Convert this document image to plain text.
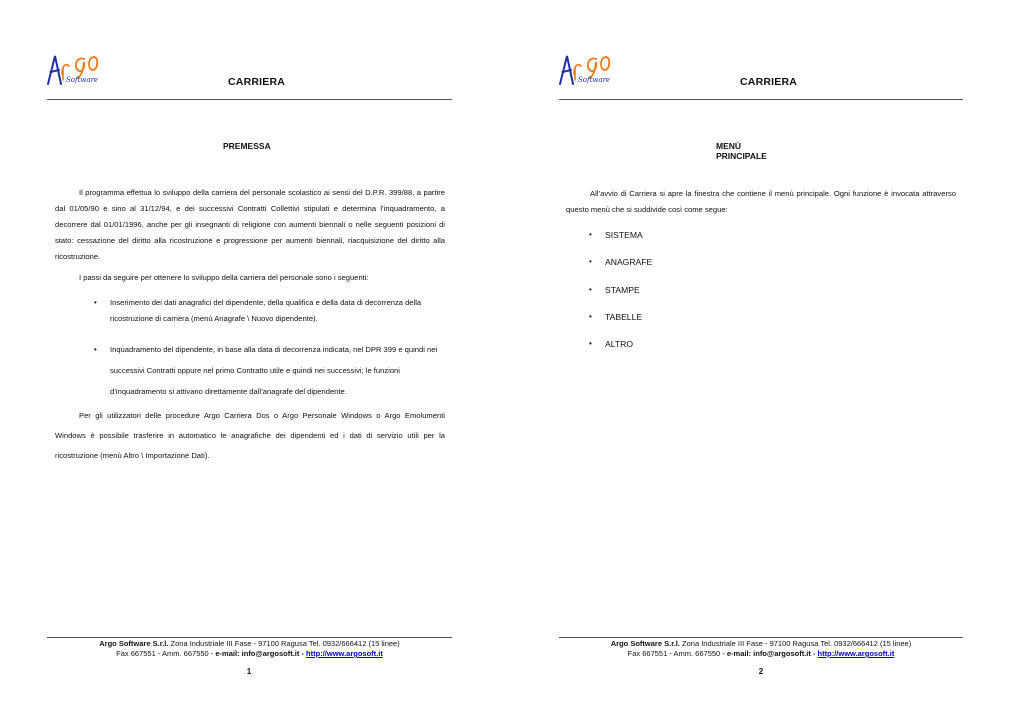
Software	CARRIERA
PREMESSA

Il programma effettua lo sviluppo della carriera del personale scolastico ai sensi del D.P.R. 399/88, a partire dal 01/05/90 e sino al 31/12/94, e dei successivi Contratti Collettivi stipulati e determina l’inquadramento, a decorrere dal 01/01/1996, anche per gli insegnanti di religione con aumenti biennali o nelle seguenti posizioni di stato: cessazione del diritto alla ricostruzione e progressione per aumenti biennali, riacquisizione del diritto alla ricostruzione.

I passi da seguire per ottenere lo sviluppo della carriera del personale sono i seguenti:

• Inserimento dei dati anagrafici del dipendente, della qualifica e della data di decorrenza della ricostruzione di carriera (menù Anagrafe \ Nuovo dipendente).
• Inquadramento del dipendente, in base alla data di decorrenza indicata, nel DPR 399 e quindi nei successivi Contratti oppure nel primo Contratto utile e quindi nei successivi; le funzioni d’inquadramento si attivano direttamente dall’anagrafe del dipendente.

Per gli utilizzatori delle procedure Argo Carriera Dos o Argo Personale Windows o Argo Emolumenti Windows è possibile trasferire in automatico le anagrafiche dei dipendenti ed i dati di servizio utili per la ricostruzione (menù Altro \ Importazione Dati).

Argo Software S.r.l. Zona Industriale III Fase - 97100 Ragusa Tel. 0932/666412 (15 linee)
Fax 667551 - Amm. 667550 - e-mail: info@argosoft.it - http://www.argosoft.it
1
Software	CARRIERA
MENÙ PRINCIPALE

All’avvio di Carriera si apre la finestra che contiene il menù principale. Ogni funzione è invocata attraverso questo menù che si suddivide così come segue:

• SISTEMA
• ANAGRAFE
• STAMPE
• TABELLE
• ALTRO
Argo Software S.r.l. Zona Industriale III Fase - 97100 Ragusa Tel. 0932/666412 (15 linee)
Fax 667551 - Amm. 667550 - e-mail: info@argosoft.it - http://www.argosoft.it
2
